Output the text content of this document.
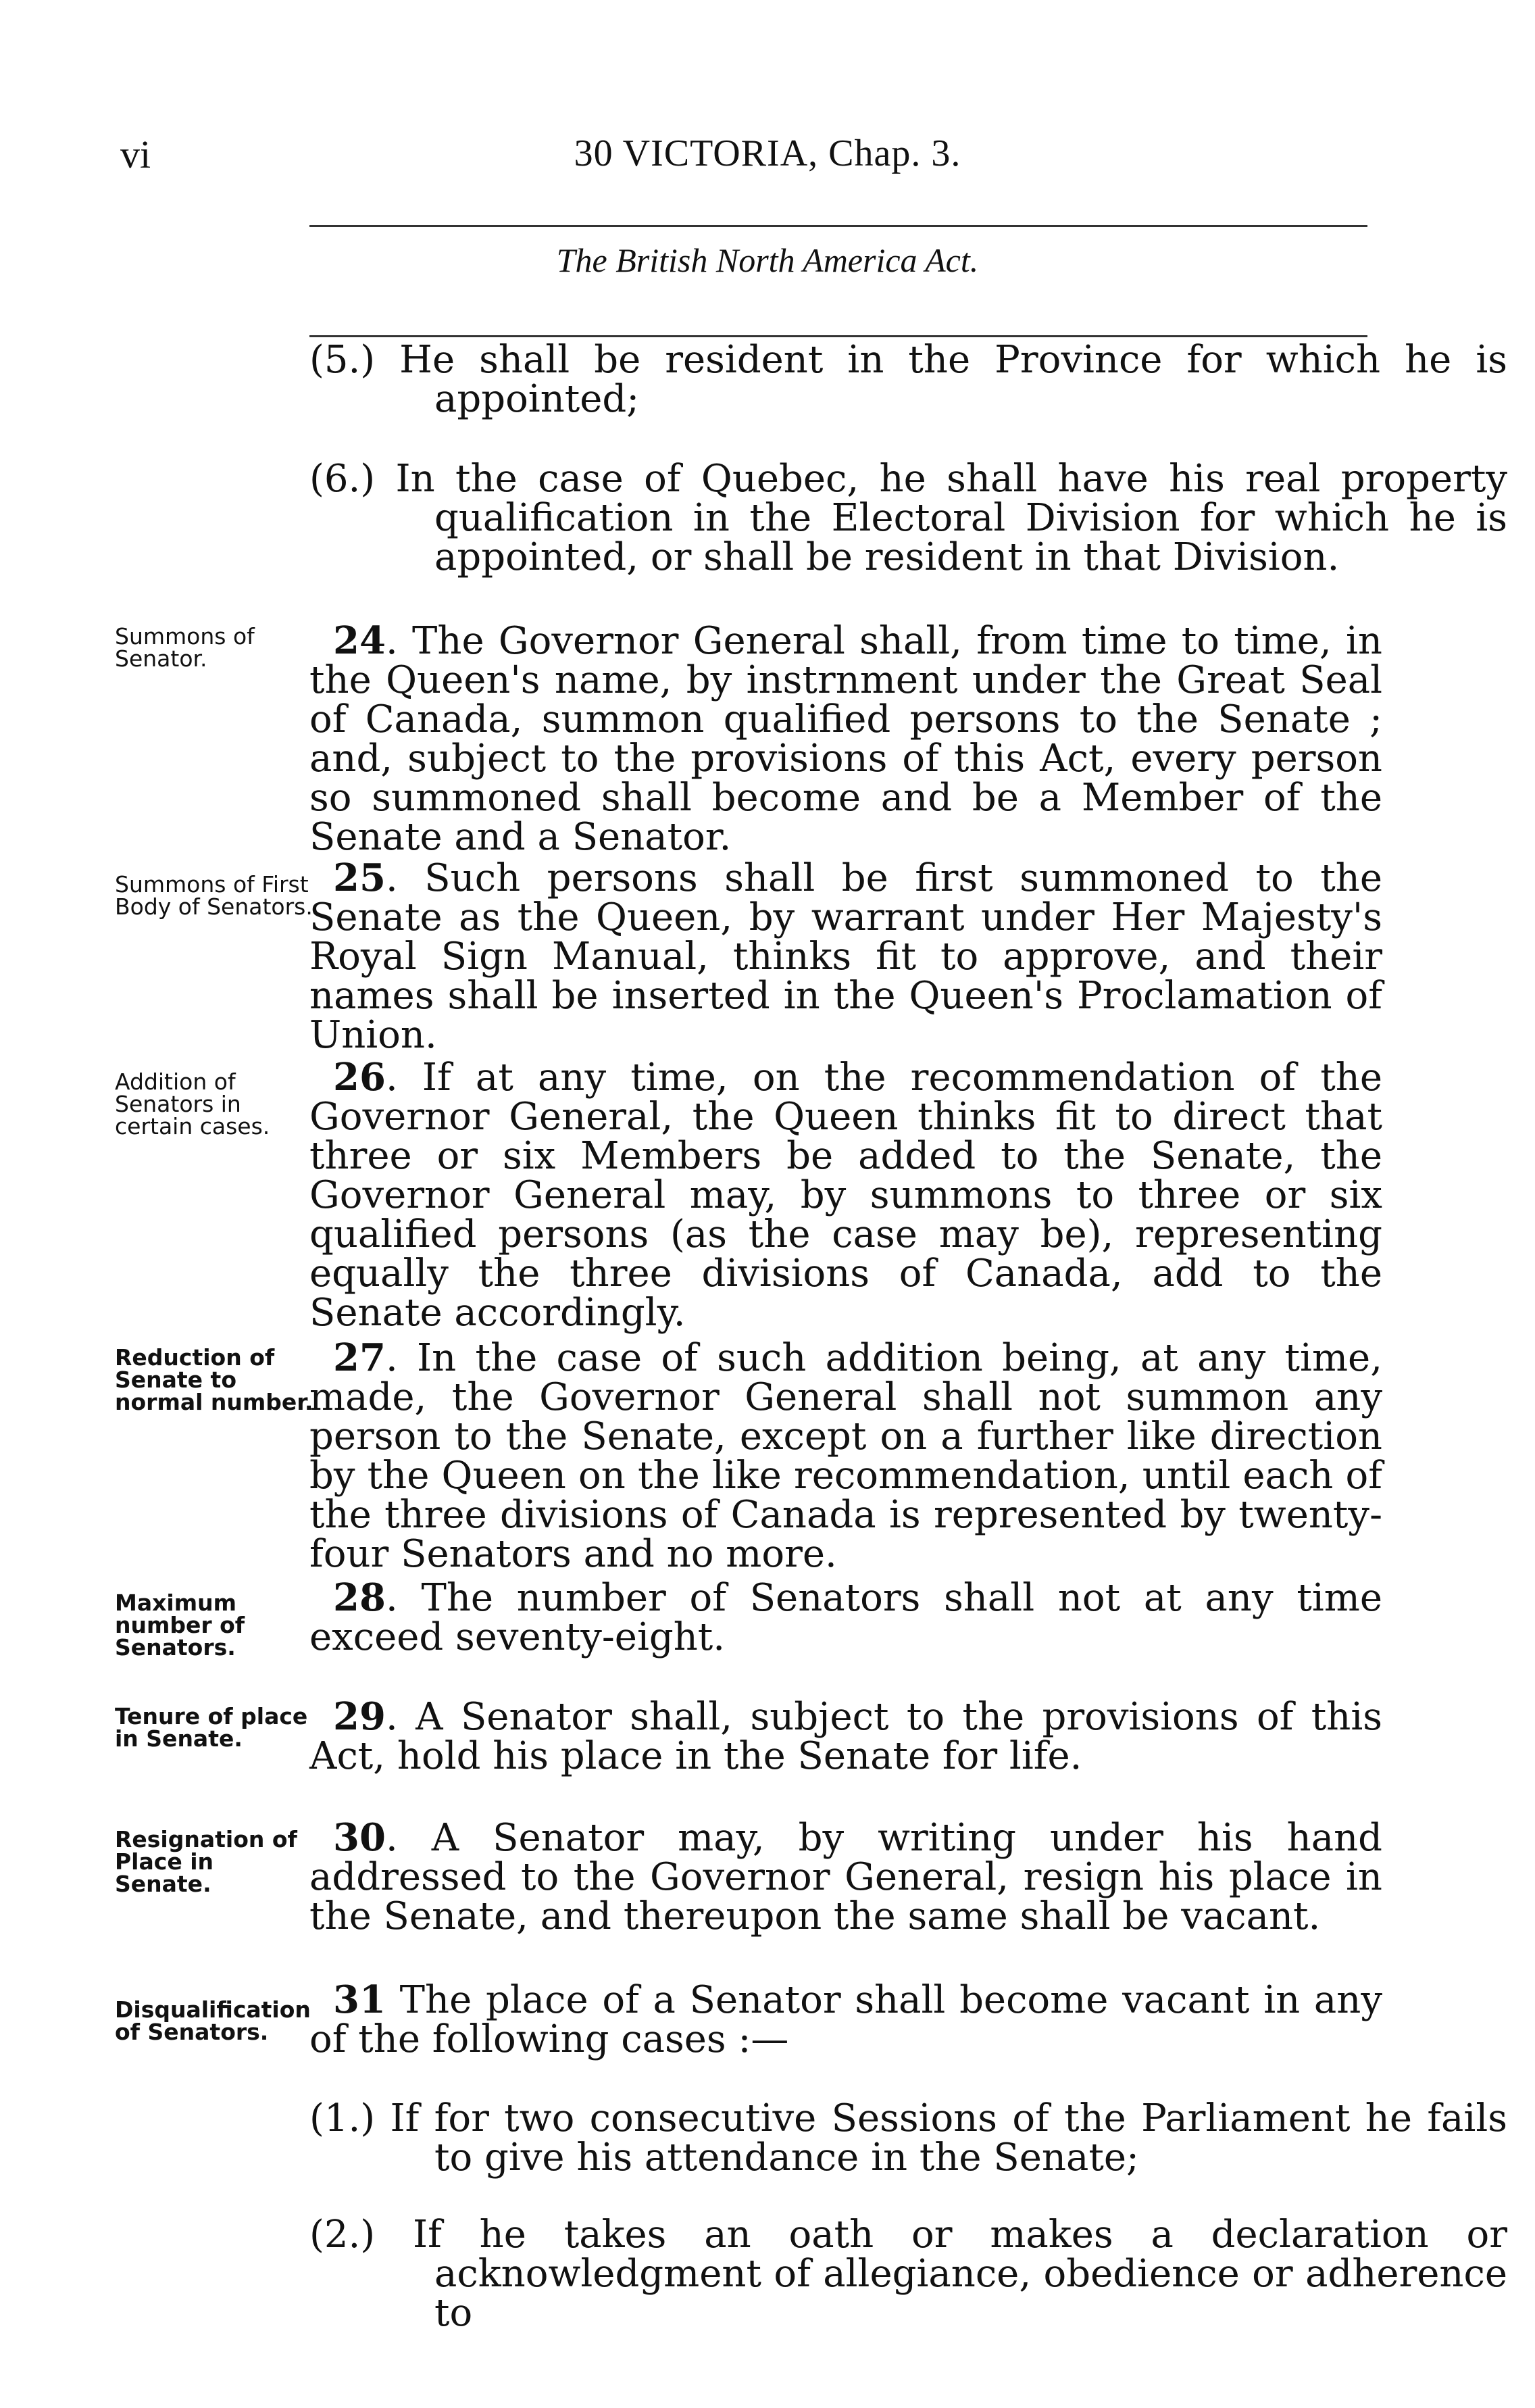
vi	30 VICTORIA, Chap. 3.
The British North America Act.
(5.) He shall be resident in the Province for which he is appointed;
(6.) In the case of Quebec, he shall have his real property qualification in the Electoral Division for which he is appointed, or shall be resident in that Division.
Summons of Senator.	24. The Governor General shall, from time to time, in the Queen's name, by instrnment under the Great Seal of Canada, summon qualified persons to the Senate ; and, subject to the provisions of this Act, every person so summoned shall become and be a Member of the Senate and a Senator.
Summons of First Body of Senators.
25. Such persons shall be first summoned to the Senate as the Queen, by warrant under Her Majesty's Royal Sign Manual, thinks fit to approve, and their names shall be inserted in the Queen's Proclamation of Union.
Addition of Senators in certain cases.
26. If at any time, on the recommendation of the Governor General, the Queen thinks fit to direct that three or six Members be added to the Senate, the Governor General may, by summons to three or six qualified persons (as the case may be), representing equally the three divisions of Canada, add to the Senate accordingly.
Reduction of Senate to normal number.
27. In the case of such addition being, at any time, made, the Governor General shall not summon any person to the Senate, except on a further like direction by the Queen on the like recommendation, until each of the three divisions of Canada is represented by twenty-four Senators and no more.
Maximum number of Senators.
28. The number of Senators shall not at any time exceed seventy-eight.
Tenure of place in Senate.	29. A Senator shall, subject to the provisions of this Act, hold his place in the Senate for life.
Resignation of Place in Senate.
30. A Senator may, by writing under his hand addressed to the Governor General, resign his place in the Senate, and thereupon the same shall be vacant.
Disqualification of Senators.
31 The place of a Senator shall become vacant in any of the following cases :—
(1.) If for two consecutive Sessions of the Parliament he fails to give his attendance in the Senate;
(2.) If he takes an oath or makes a declaration or acknowledgment of allegiance, obedience or adherence to
